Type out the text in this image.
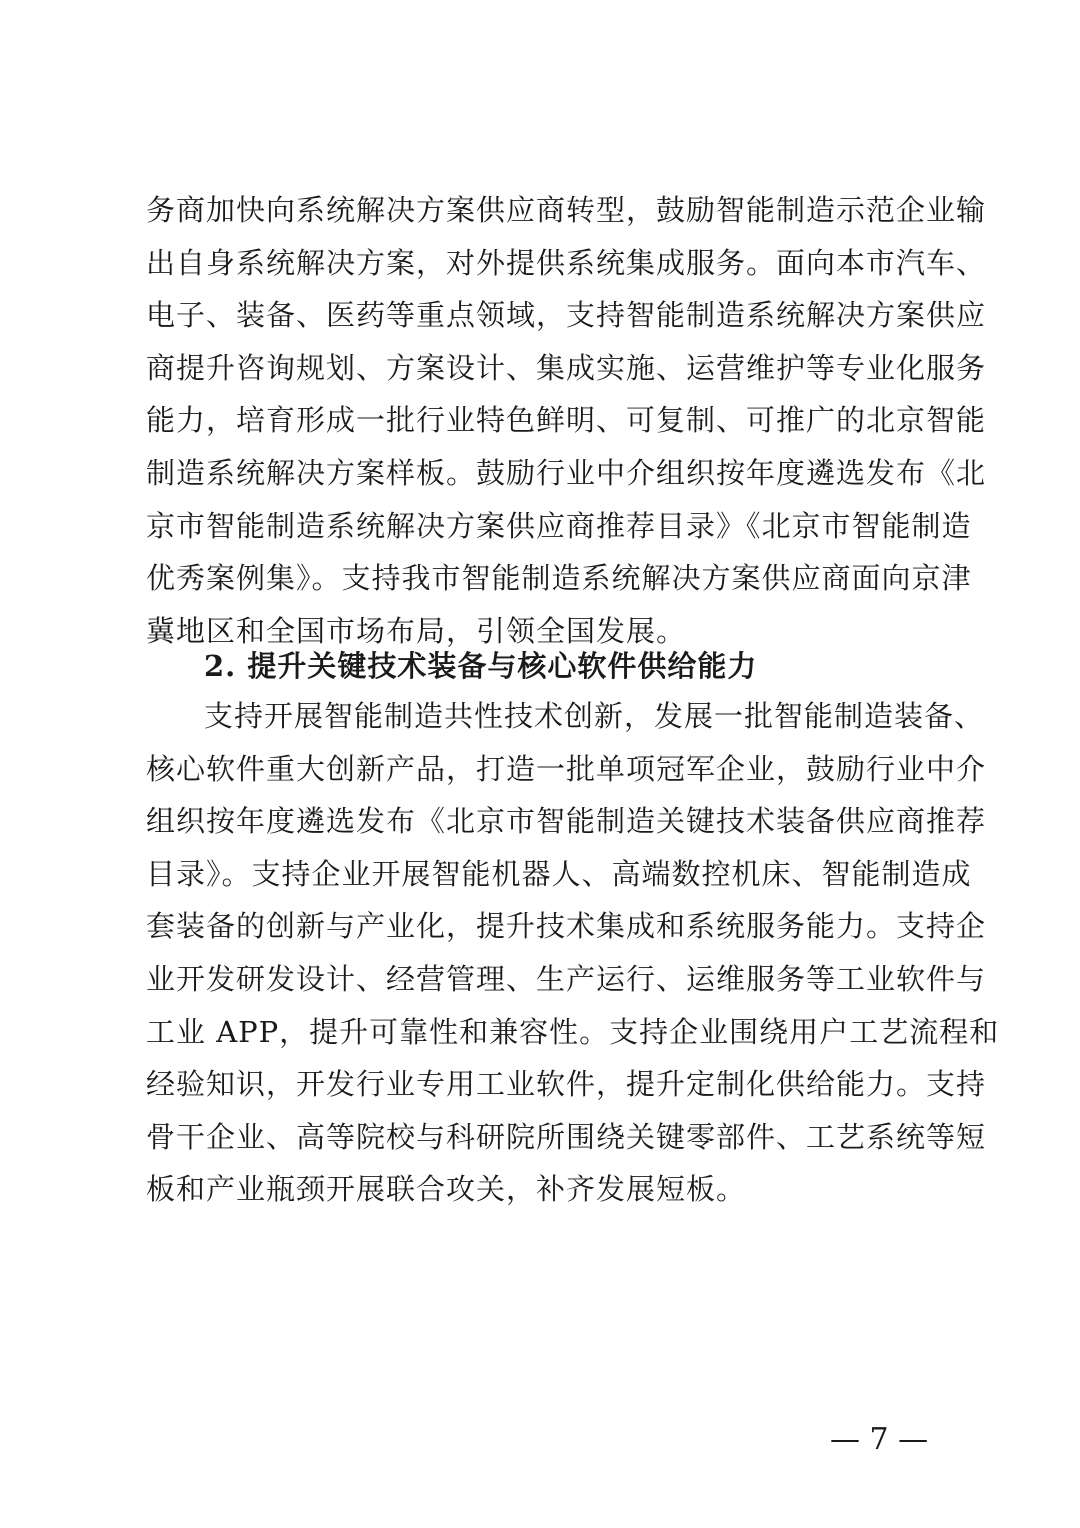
务商加快向系统解决方案供应商转型，鼓励智能制造示范企业输
出自身系统解决方案，对外提供系统集成服务。面向本市汽车、
电子、装备、医药等重点领域，支持智能制造系统解决方案供应
商提升咨询规划、方案设计、集成实施、运营维护等专业化服务
能力，培育形成一批行业特色鲜明、可复制、可推广的北京智能
制造系统解决方案样板。鼓励行业中介组织按年度遴选发布《北
京市智能制造系统解决方案供应商推荐目录》《北京市智能制造
优秀案例集》。支持我市智能制造系统解决方案供应商面向京津
冀地区和全国市场布局，引领全国发展。
2. 提升关键技术装备与核心软件供给能力
支持开展智能制造共性技术创新，发展一批智能制造装备、
核心软件重大创新产品，打造一批单项冠军企业，鼓励行业中介
组织按年度遴选发布《北京市智能制造关键技术装备供应商推荐
目录》。支持企业开展智能机器人、高端数控机床、智能制造成
套装备的创新与产业化，提升技术集成和系统服务能力。支持企
业开发研发设计、经营管理、生产运行、运维服务等工业软件与
工业 APP，提升可靠性和兼容性。支持企业围绕用户工艺流程和
经验知识，开发行业专用工业软件，提升定制化供给能力。支持
骨干企业、高等院校与科研院所围绕关键零部件、工艺系统等短
板和产业瓶颈开展联合攻关，补齐发展短板。
— 7 —
